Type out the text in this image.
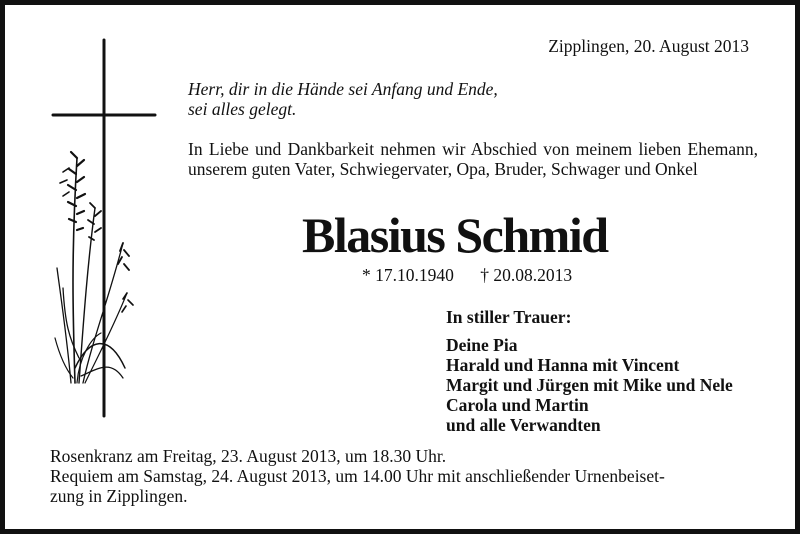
Zipplingen, 20. August 2013
Herr, dir in die Hände sei Anfang und Ende,
sei alles gelegt.
In Liebe und Dankbarkeit nehmen wir Abschied von meinem lieben Ehemann, unserem guten Vater, Schwiegervater, Opa, Bruder, Schwager und Onkel
Blasius Schmid
* 17.10.1940 † 20.08.2013
In stiller Trauer:
Deine Pia
Harald und Hanna mit Vincent
Margit und Jürgen mit Mike und Nele
Carola und Martin
und alle Verwandten
Rosenkranz am Freitag, 23. August 2013, um 18.30 Uhr.
Requiem am Samstag, 24. August 2013, um 14.00 Uhr mit anschließender Urnenbeiset-
zung in Zipplingen.
